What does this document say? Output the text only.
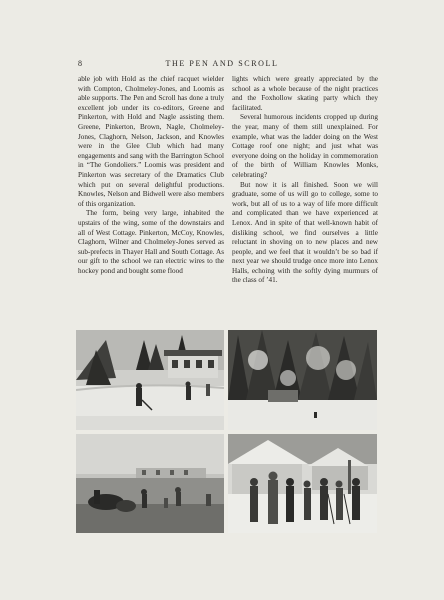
8	THE PEN AND SCROLL

able job with Hold as the chief racquet wielder with Compton, Cholmeley-Jones, and Loomis as able supports. The Pen and Scroll has done a truly excellent job under its co-editors, Greene and Pinkerton, with Hold and Nagle assisting them. Greene, Pinkerton, Brown, Nagle, Cholmeley-Jones, Claghorn, Nelson, Jackson, and Knowles were in the Glee Club which had many engagements and sang with the Barrington School in “The Gondoliers.” Loomis was president and Pinkerton was secretary of the Dramatics Club which put on several delightful productions. Knowles, Nelson and Bidwell were also members of this organization.

The form, being very large, inhabited the upstairs of the wing, some of the downstairs and all of West Cottage. Pinkerton, McCoy, Knowles, Claghorn, Wilner and Cholmeley-Jones served as sub-prefects in Thayer Hall and South Cottage. As our gift to the school we ran electric wires to the hockey pond and bought some flood

lights which were greatly appreciated by the school as a whole because of the night practices and the Foxhollow skating party which they facilitated.

Several humorous incidents cropped up during the year, many of them still unexplained. For example, what was the ladder doing on the West Cottage roof one night; and just what was everyone doing on the holiday in commemoration of the birth of William Knowles Monks, celebrating?

But now it is all finished. Soon we will graduate, some of us will go to college, some to work, but all of us to a way of life more difficult and complicated than we have experienced at Lenox. And in spite of that well-known habit of disliking school, we find ourselves a little reluctant in shoving on to new places and new people, and we feel that it wouldn’t be so bad if next year we should trudge once more into Lenox Halls, echoing with the softly dying murmurs of the class of ’41.
